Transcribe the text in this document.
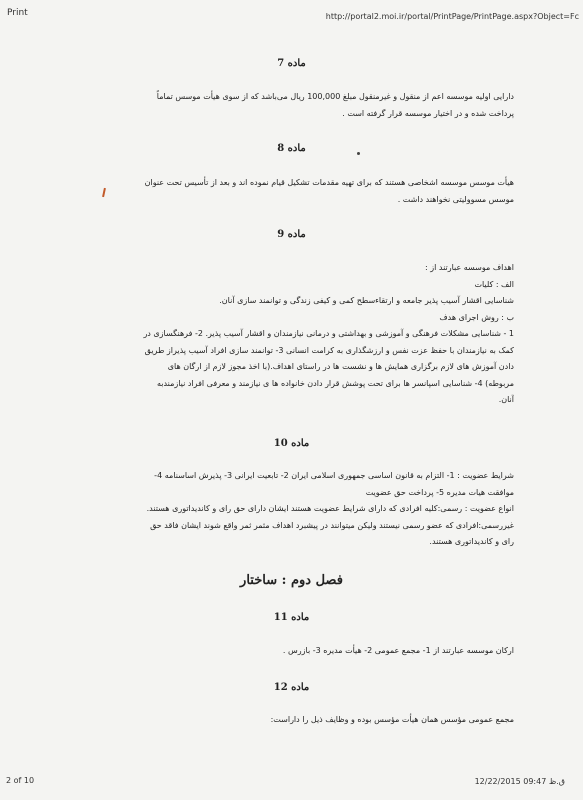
Print	http://portal2.moi.ir/portal/PrintPage/PrintPage.aspx?Object=Fc
ماده 7
دارایی اولیه موسسه اعم از منقول و غیرمنقول مبلغ 100,000 ریال می‌باشد که از سوی هیأت موسس تماماً
پرداخت شده و در اختیار موسسه قرار گرفته است .
ماده 8
هیأت موسس موسسه اشخاصی هستند که برای تهیه مقدمات تشکیل قیام نموده اند و بعد از تأسیس تحت عنوان
موسس مسوولیتی نخواهند داشت .
ماده 9
اهداف موسسه عبارتند از :
الف : کلیات
شناسایی اقشار آسیب پذیر جامعه و ارتقاءسطح کمی و کیفی زندگی و توانمند سازی آنان.
ب : روش اجرای هدف
1 - شناسایی مشکلات فرهنگی و آموزشی و بهداشتی و درمانی نیازمندان و اقشار آسیب پذیر. 2- فرهنگسازی در
کمک به نیازمندان با حفظ عزت نفس و ارزشگذاری به کرامت انسانی 3- توانمند سازی افراد آسیب پذیراز طریق
دادن آموزش های لازم برگزاری همایش ها و نشست ها در راستای اهداف.(با اخذ مجوز لازم از ارگان های
مربوطه) 4- شناسایی اسپانسر ها برای تحت پوشش قرار دادن خانواده ها ی نیازمند و معرفی افراد نیازمندبه
آنان.
ماده 10
شرایط عضویت : 1- التزام به قانون اساسی جمهوری اسلامی ایران 2- تابعیت ایرانی 3- پذیرش اساسنامه 4-
موافقت هیات مدیره 5- پرداخت حق عضویت
انواع عضویت : رسمی:کلیه افرادی که دارای شرایط عضویت هستند ایشان دارای حق رای و کاندیداتوری هستند.
غیررسمی:افرادی که عضو رسمی نیستند ولیکن میتوانند در پیشبرد اهداف مثمر ثمر واقع شوند ایشان فاقد حق
رای و کاندیداتوری هستند.
فصل دوم : ساختار
ماده 11
ارکان موسسه عبارتند از 1- مجمع عمومی 2- هیأت مدیره 3- بازرس .
ماده 12
مجمع عمومی مؤسس همان هیأت مؤسس بوده و وظایف ذیل را داراست:
2 of 10	12/22/2015 09:47 ق.ظ
